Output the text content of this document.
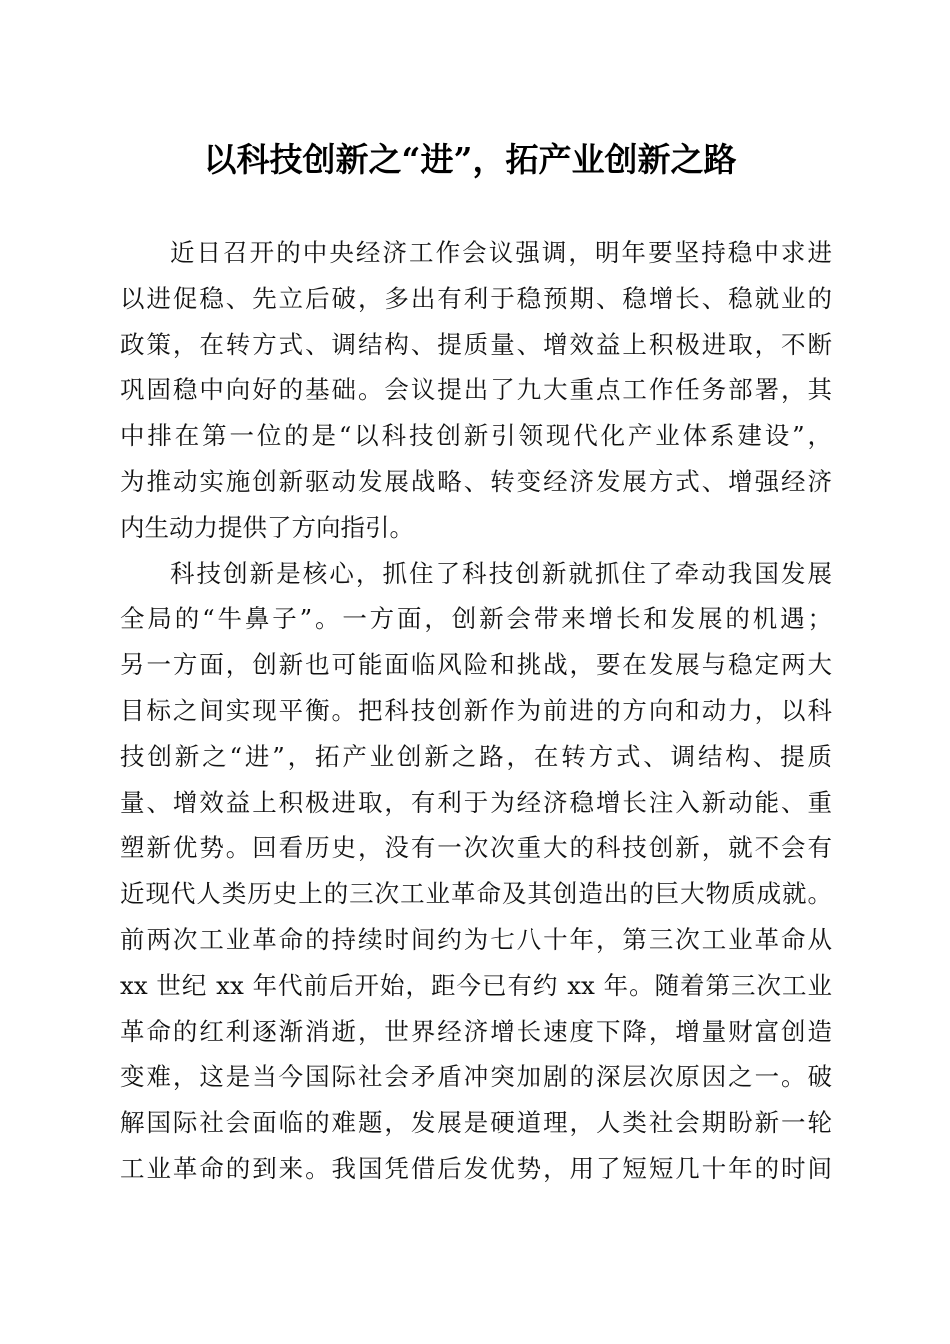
以科技创新之“进”，拓产业创新之路
近日召开的中央经济工作会议强调，明年要坚持稳中求进
以进促稳、先立后破，多出有利于稳预期、稳增长、稳就业的
政策，在转方式、调结构、提质量、增效益上积极进取，不断
巩固稳中向好的基础。会议提出了九大重点工作任务部署，其
中排在第一位的是“以科技创新引领现代化产业体系建设”，
为推动实施创新驱动发展战略、转变经济发展方式、增强经济
内生动力提供了方向指引。
科技创新是核心，抓住了科技创新就抓住了牵动我国发展
全局的“牛鼻子”。一方面，创新会带来增长和发展的机遇；
另一方面，创新也可能面临风险和挑战，要在发展与稳定两大
目标之间实现平衡。把科技创新作为前进的方向和动力，以科
技创新之“进”，拓产业创新之路，在转方式、调结构、提质
量、增效益上积极进取，有利于为经济稳增长注入新动能、重
塑新优势。回看历史，没有一次次重大的科技创新，就不会有
近现代人类历史上的三次工业革命及其创造出的巨大物质成就。
前两次工业革命的持续时间约为七八十年，第三次工业革命从
xx 世纪 xx 年代前后开始，距今已有约 xx 年。随着第三次工业
革命的红利逐渐消逝，世界经济增长速度下降，增量财富创造
变难，这是当今国际社会矛盾冲突加剧的深层次原因之一。破
解国际社会面临的难题，发展是硬道理，人类社会期盼新一轮
工业革命的到来。我国凭借后发优势，用了短短几十年的时间
